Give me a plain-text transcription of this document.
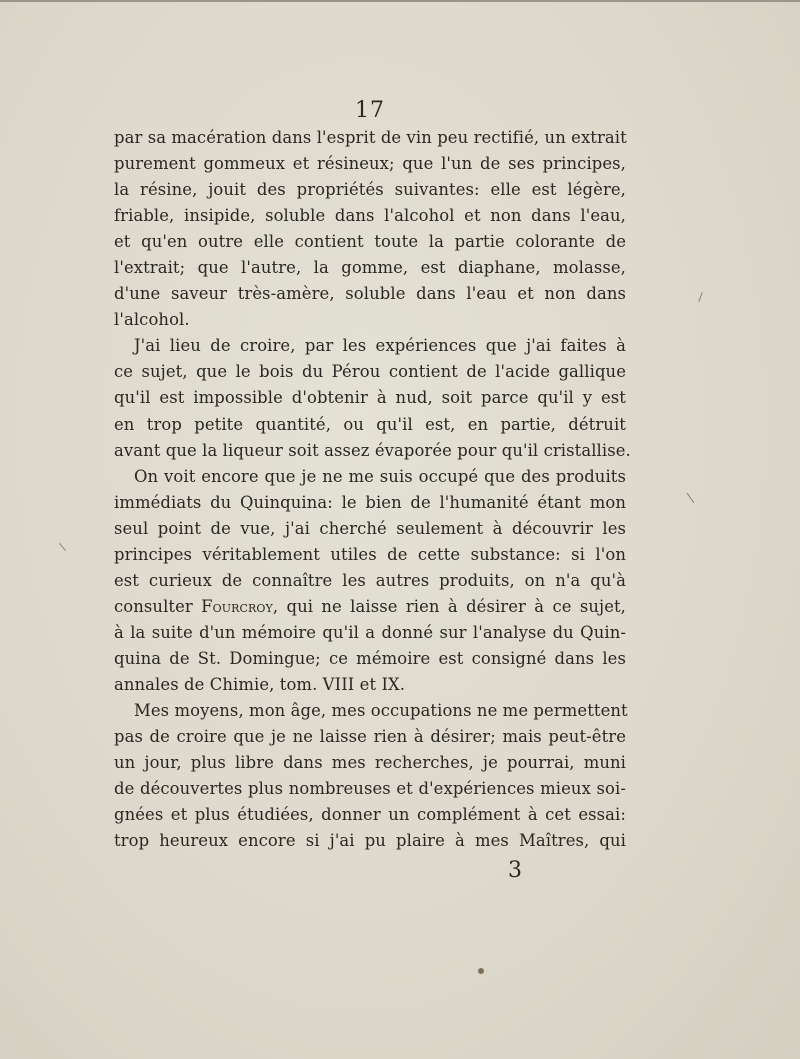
17
par sa macération dans l'esprit de vin peu rectifié, un extrait
purement gommeux et résineux; que l'un de ses principes,
la résine, jouit des propriétés suivantes: elle est légère,
friable, insipide, soluble dans l'alcohol et non dans l'eau,
et qu'en outre elle contient toute la partie colorante de
l'extrait; que l'autre, la gomme, est diaphane, molasse,
d'une saveur très-amère, soluble dans l'eau et non dans
l'alcohol.
J'ai lieu de croire, par les expériences que j'ai faites à
ce sujet, que le bois du Pérou contient de l'acide gallique
qu'il est impossible d'obtenir à nud, soit parce qu'il y est
en trop petite quantité, ou qu'il est, en partie, détruit
avant que la liqueur soit assez évaporée pour qu'il cristallise.
On voit encore que je ne me suis occupé que des produits
immédiats du Quinquina: le bien de l'humanité étant mon
seul point de vue, j'ai cherché seulement à découvrir les
principes véritablement utiles de cette substance: si l'on
est curieux de connaître les autres produits, on n'a qu'à
consulter Fourcroy, qui ne laisse rien à désirer à ce sujet,
à la suite d'un mémoire qu'il a donné sur l'analyse du Quin-
quina de St. Domingue; ce mémoire est consigné dans les
annales de Chimie, tom. VIII et IX.
Mes moyens, mon âge, mes occupations ne me permettent
pas de croire que je ne laisse rien à désirer; mais peut-être
un jour, plus libre dans mes recherches, je pourrai, muni
de découvertes plus nombreuses et d'expériences mieux soi-
gnées et plus étudiées, donner un complément à cet essai:
trop heureux encore si j'ai pu plaire à mes Maîtres, qui
3
